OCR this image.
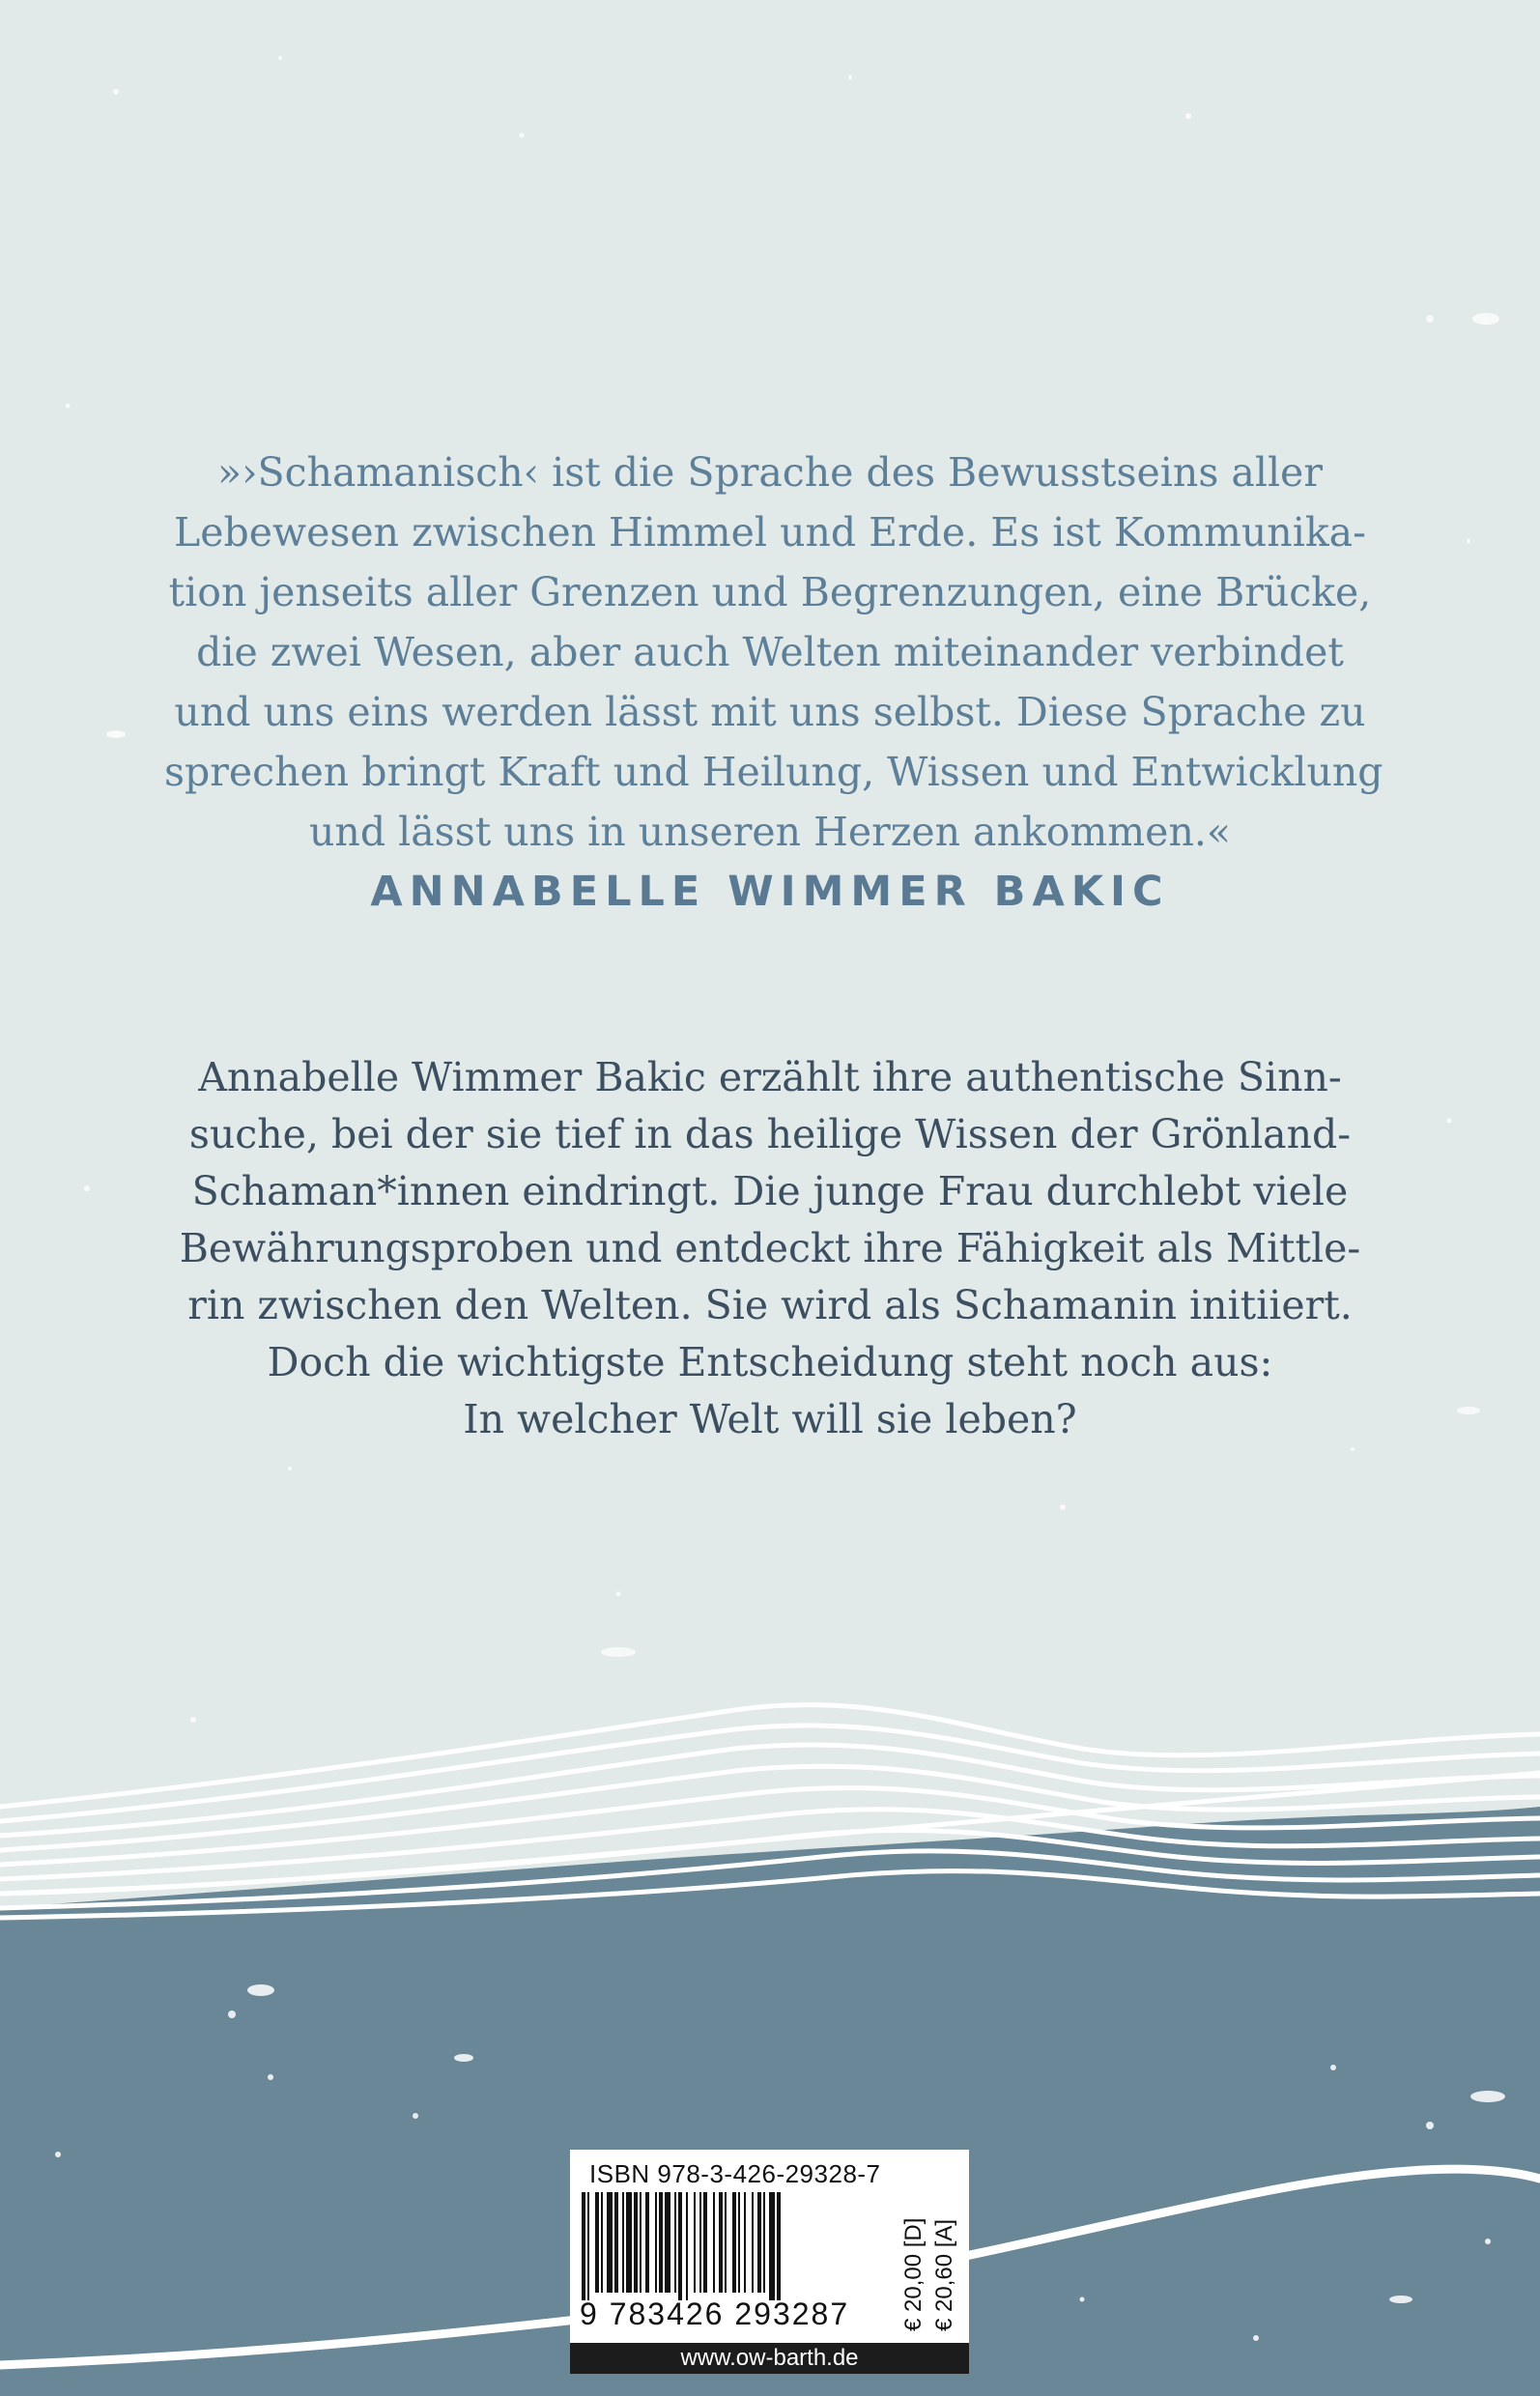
»›Schamanisch‹ ist die Sprache des Bewusstseins aller
Lebewesen zwischen Himmel und Erde. Es ist Kommunika-
tion jenseits aller Grenzen und Begrenzungen, eine Brücke,
die zwei Wesen, aber auch Welten miteinander verbindet
und uns eins werden lässt mit uns selbst. Diese Sprache zu
sprechen bringt Kraft und Heilung, Wissen und Entwicklung
und lässt uns in unseren Herzen ankommen.«

ANNABELLE WIMMER BAKIC

Annabelle Wimmer Bakic erzählt ihre authentische Sinn-
suche, bei der sie tief in das heilige Wissen der Grönland-
Schaman*innen eindringt. Die junge Frau durchlebt viele
Bewährungsproben und entdeckt ihre Fähigkeit als Mittle-
rin zwischen den Welten. Sie wird als Schamanin initiiert.
Doch die wichtigste Entscheidung steht noch aus:
In welcher Welt will sie leben?

ISBN 978-3-426-29328-7

9 783426 293287 € 20,00 [D] € 20,60 [A]

www.ow-barth.de
